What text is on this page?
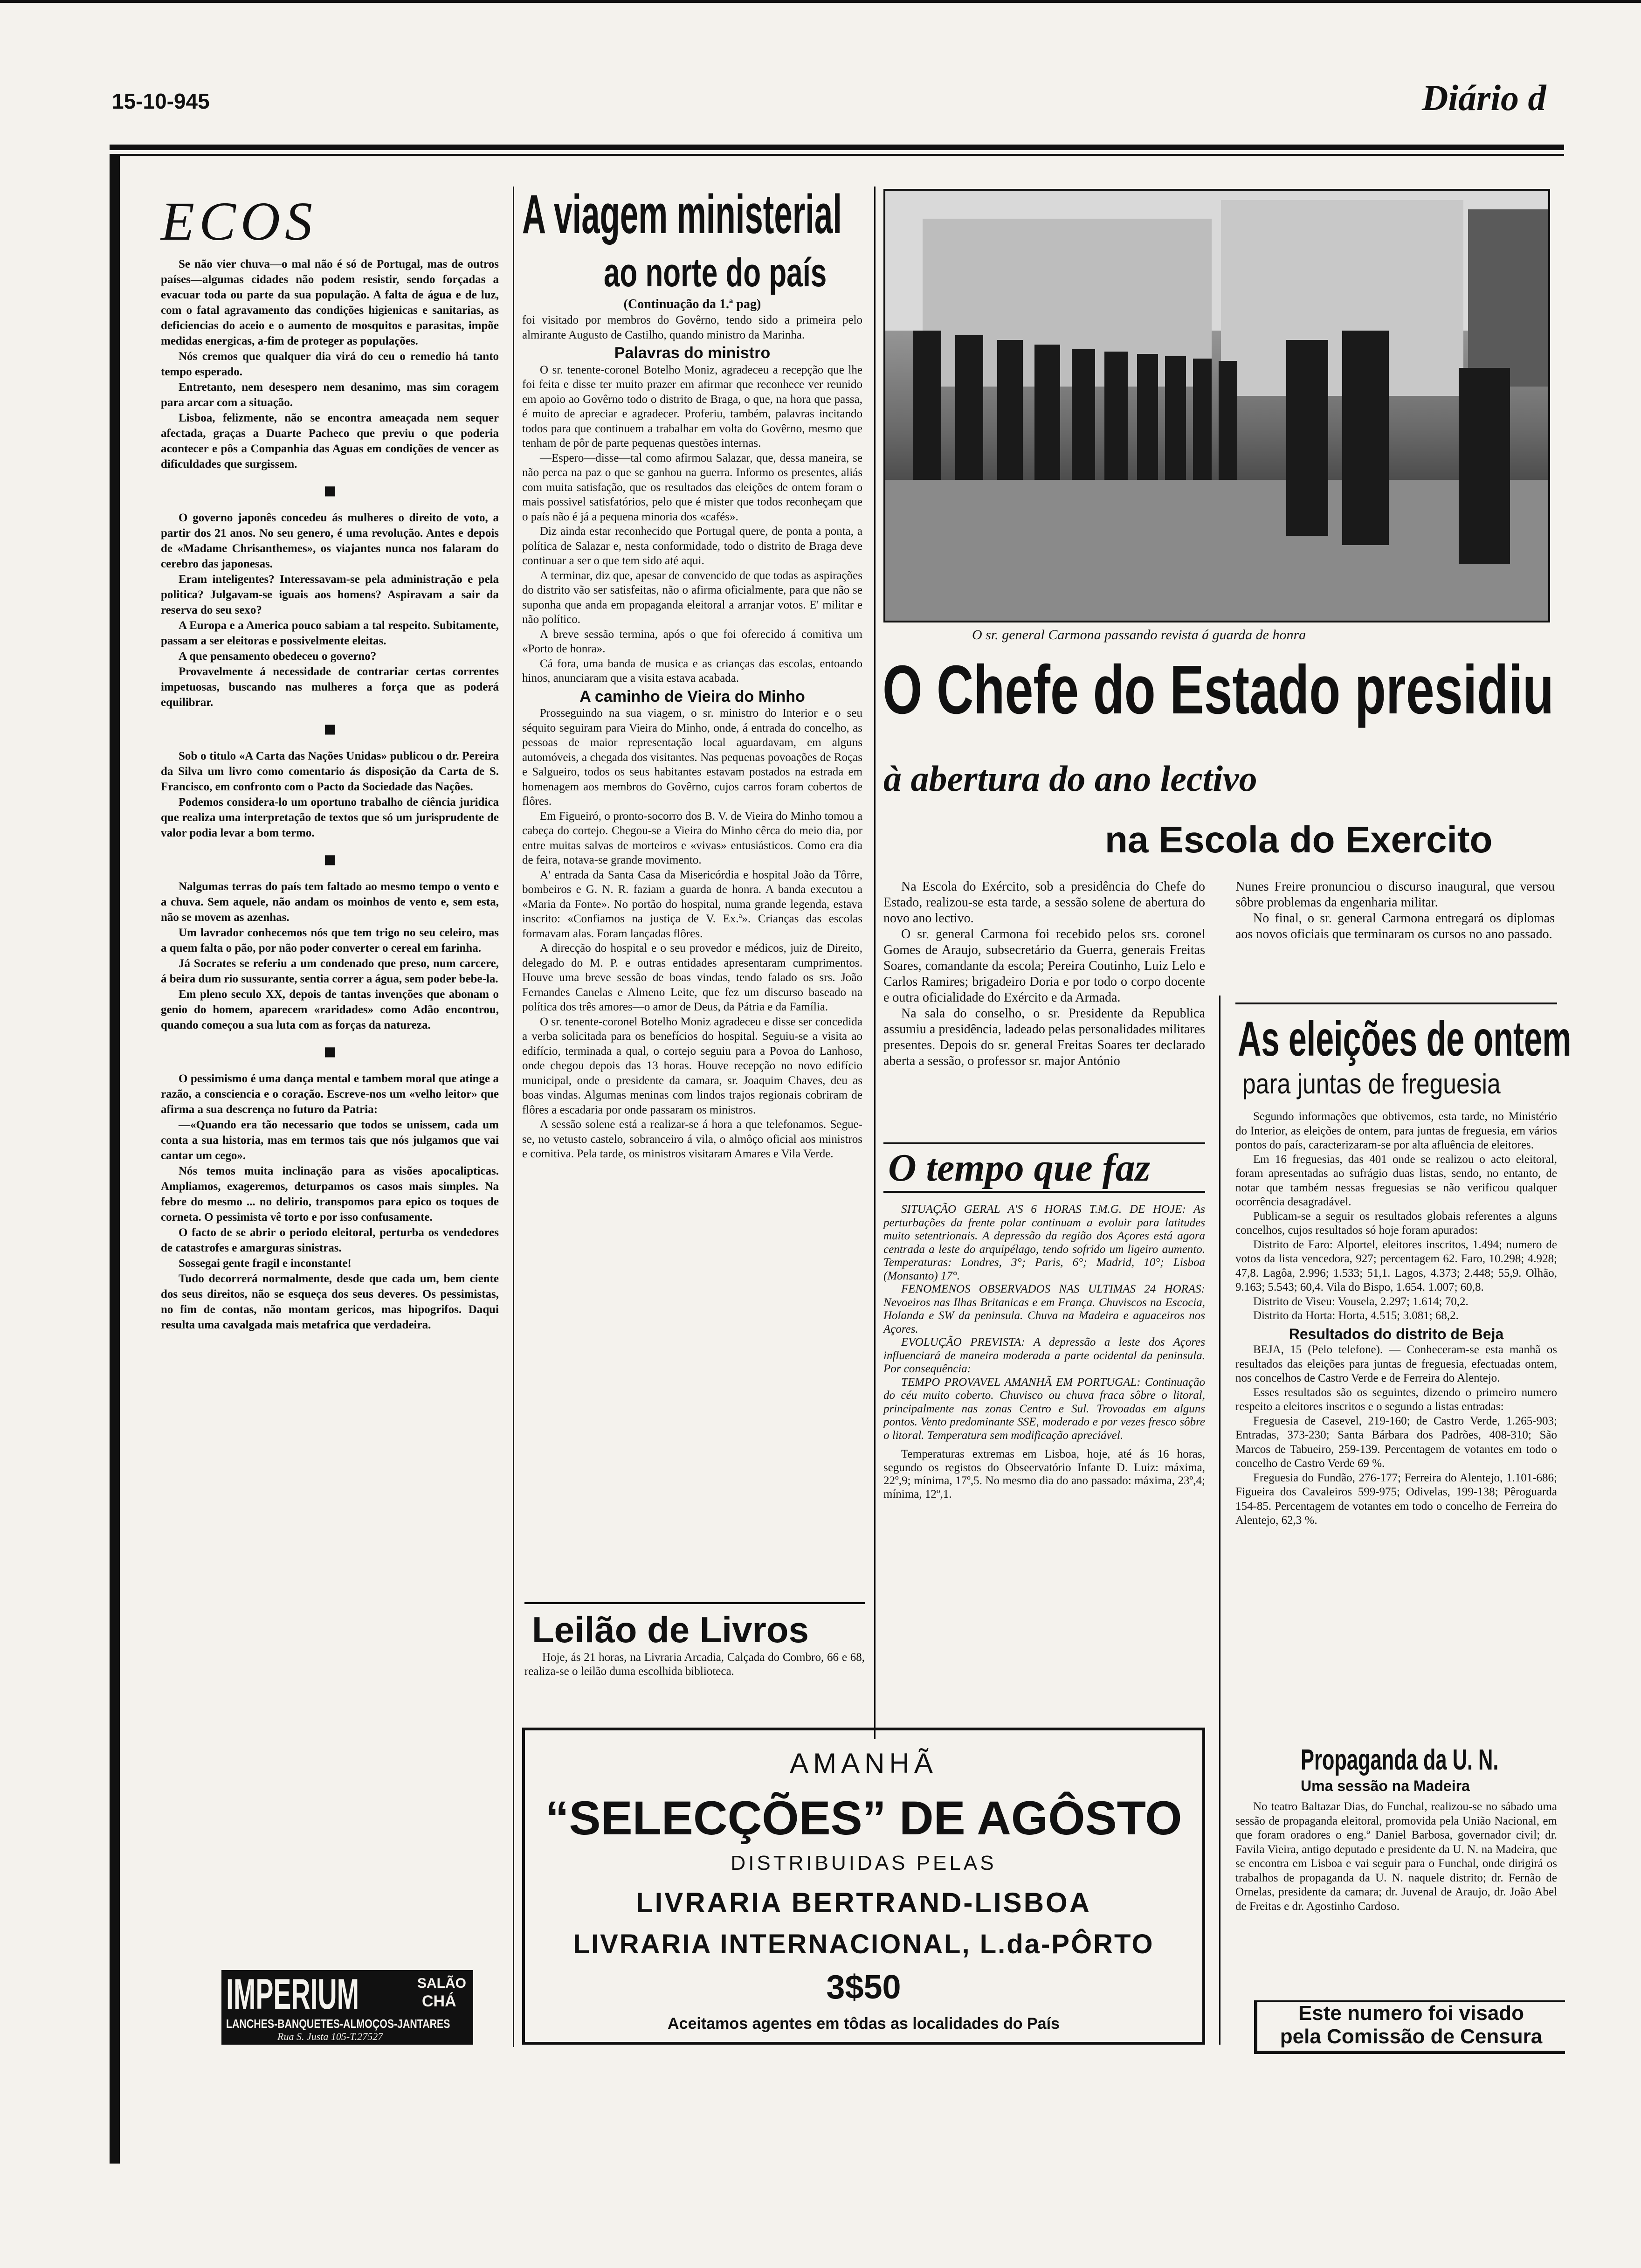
15-10-945	Diário d
ECOS

Se não vier chuva—o mal não é só de Portugal, mas de outros países—algumas cidades não podem resistir, sendo forçadas a evacuar toda ou parte da sua população. A falta de água e de luz, com o fatal agravamento das condições higienicas e sanitarias, as deficiencias do aceio e o aumento de mosquitos e parasitas, impõe medidas energicas, a-fim de proteger as populações.

Nós cremos que qualquer dia virá do ceu o remedio há tanto tempo esperado.

Entretanto, nem desespero nem desanimo, mas sim coragem para arcar com a situação.

Lisboa, felizmente, não se encontra ameaçada nem sequer afectada, graças a Duarte Pacheco que previu o que poderia acontecer e pôs a Companhia das Aguas em condições de vencer as dificuldades que surgissem.

■

O governo japonês concedeu ás mulheres o direito de voto, a partir dos 21 anos. No seu genero, é uma revolução. Antes e depois de «Madame Chrisanthemes», os viajantes nunca nos falaram do cerebro das japonesas.

Eram inteligentes? Interessavam-se pela administração e pela politica? Julgavam-se iguais aos homens? Aspiravam a sair da reserva do seu sexo?

A Europa e a America pouco sabiam a tal respeito. Subitamente, passam a ser eleitoras e possivelmente eleitas.

A que pensamento obedeceu o governo?

Provavelmente á necessidade de contrariar certas correntes impetuosas, buscando nas mulheres a força que as poderá equilibrar.

■

Sob o titulo «A Carta das Nações Unidas» publicou o dr. Pereira da Silva um livro como comentario ás disposição da Carta de S. Francisco, em confronto com o Pacto da Sociedade das Nações.

Podemos considera-lo um oportuno trabalho de ciência juridica que realiza uma interpretação de textos que só um jurisprudente de valor podia levar a bom termo.

■

Nalgumas terras do país tem faltado ao mesmo tempo o vento e a chuva. Sem aquele, não andam os moinhos de vento e, sem esta, não se movem as azenhas.

Um lavrador conhecemos nós que tem trigo no seu celeiro, mas a quem falta o pão, por não poder converter o cereal em farinha.

Já Socrates se referiu a um condenado que preso, num carcere, á beira dum rio sussurante, sentia correr a água, sem poder bebe-la.

Em pleno seculo XX, depois de tantas invenções que abonam o genio do homem, aparecem «raridades» como Adão encontrou, quando começou a sua luta com as forças da natureza.

■

O pessimismo é uma dança mental e tambem moral que atinge a razão, a consciencia e o coração. Escreve-nos um «velho leitor» que afirma a sua descrença no futuro da Patria:

—«Quando era tão necessario que todos se unissem, cada um conta a sua historia, mas em termos tais que nós julgamos que vai cantar um cego».

Nós temos muita inclinação para as visões apocalipticas. Ampliamos, exageremos, deturpamos os casos mais simples. Na febre do mesmo ... no delirio, transpomos para epico os toques de corneta. O pessimista vê torto e por isso confusamente.

O facto de se abrir o periodo eleitoral, perturba os vendedores de catastrofes e amarguras sinistras.

Sossegai gente fragil e inconstante!

Tudo decorrerá normalmente, desde que cada um, bem ciente dos seus direitos, não se esqueça dos seus deveres. Os pessimistas, no fim de contas, não montam gericos, mas hipogrifos. Daqui resulta uma cavalgada mais metafrica que verdadeira.

IMPERIUM	SALÃO
CHÁ
LANCHES-BANQUETES-ALMOÇOS-JANTARES
Rua S. Justa 105-T.27527
A viagem ministerial
ao norte do país
(Continuação da 1.ª pag)

foi visitado por membros do Govêrno, tendo sido a primeira pelo almirante Augusto de Castilho, quando ministro da Marinha.

Palavras do ministro

O sr. tenente-coronel Botelho Moniz, agradeceu a recepção que lhe foi feita e disse ter muito prazer em afirmar que reconhece ver reunido em apoio ao Govêrno todo o distrito de Braga, o que, na hora que passa, é muito de apreciar e agradecer. Proferiu, também, palavras incitando todos para que continuem a trabalhar em volta do Govêrno, mesmo que tenham de pôr de parte pequenas questões internas.

—Espero—disse—tal como afirmou Salazar, que, dessa maneira, se não perca na paz o que se ganhou na guerra. Informo os presentes, aliás com muita satisfação, que os resultados das eleições de ontem foram o mais possivel satisfatórios, pelo que é mister que todos reconheçam que o país não é já a pequena minoria dos «cafés».

Diz ainda estar reconhecido que Portugal quere, de ponta a ponta, a política de Salazar e, nesta conformidade, todo o distrito de Braga deve continuar a ser o que tem sido até aqui.

A terminar, diz que, apesar de convencido de que todas as aspirações do distrito vão ser satisfeitas, não o afirma oficialmente, para que não se suponha que anda em propaganda eleitoral a arranjar votos. E' militar e não político.

A breve sessão termina, após o que foi oferecido á comitiva um «Porto de honra».

Cá fora, uma banda de musica e as crianças das escolas, entoando hinos, anunciaram que a visita estava acabada.

A caminho de Vieira do Minho

Prosseguindo na sua viagem, o sr. ministro do Interior e o seu séquito seguiram para Vieira do Minho, onde, á entrada do concelho, as pessoas de maior representação local aguardavam, em alguns automóveis, a chegada dos visitantes. Nas pequenas povoações de Roças e Salgueiro, todos os seus habitantes estavam postados na estrada em homenagem aos membros do Govêrno, cujos carros foram cobertos de flôres.

Em Figueiró, o pronto-socorro dos B. V. de Vieira do Minho tomou a cabeça do cortejo. Chegou-se a Vieira do Minho cêrca do meio dia, por entre muitas salvas de morteiros e «vivas» entusiásticos. Como era dia de feira, notava-se grande movimento.

A' entrada da Santa Casa da Misericórdia e hospital João da Tôrre, bombeiros e G. N. R. faziam a guarda de honra. A banda executou a «Maria da Fonte». No portão do hospital, numa grande legenda, estava inscrito: «Confiamos na justiça de V. Ex.ª». Crianças das escolas formavam alas. Foram lançadas flôres.

A direcção do hospital e o seu provedor e médicos, juiz de Direito, delegado do M. P. e outras entidades apresentaram cumprimentos. Houve uma breve sessão de boas vindas, tendo falado os srs. João Fernandes Canelas e Almeno Leite, que fez um discurso baseado na política dos três amores—o amor de Deus, da Pátria e da Família.

O sr. tenente-coronel Botelho Moniz agradeceu e disse ser concedida a verba solicitada para os benefícios do hospital. Seguiu-se a visita ao edifício, terminada a qual, o cortejo seguiu para a Povoa do Lanhoso, onde chegou depois das 13 horas. Houve recepção no novo edifício municipal, onde o presidente da camara, sr. Joaquim Chaves, deu as boas vindas. Algumas meninas com lindos trajos regionais cobriram de flôres a escadaria por onde passaram os ministros.

A sessão solene está a realizar-se á hora a que telefonamos. Segue-se, no vetusto castelo, sobranceiro á vila, o almôço oficial aos ministros e comitiva. Pela tarde, os ministros visitaram Amares e Vila Verde.

Leilão de Livros
Hoje, ás 21 horas, na Livraria Arcadia, Calçada do Combro, 66 e 68, realiza-se o leilão duma escolhida biblioteca.
O sr. general Carmona passando revista á guarda de honra
O Chefe do Estado presidiu
à abertura do ano lectivo
na Escola do Exercito

Na Escola do Exército, sob a presidência do Chefe do Estado, realizou-se esta tarde, a sessão solene de abertura do novo ano lectivo.

O sr. general Carmona foi recebido pelos srs. coronel Gomes de Araujo, subsecretário da Guerra, generais Freitas Soares, comandante da escola; Pereira Coutinho, Luiz Lelo e Carlos Ramires; brigadeiro Doria e por todo o corpo docente e outra oficialidade do Exército e da Armada.

Na sala do conselho, o sr. Presidente da Republica assumiu a presidência, ladeado pelas personalidades militares presentes. Depois do sr. general Freitas Soares ter declarado aberta a sessão, o professor sr. major António

Nunes Freire pronunciou o discurso inaugural, que versou sôbre problemas da engenharia militar.

No final, o sr. general Carmona entregará os diplomas aos novos oficiais que terminaram os cursos no ano passado.

O tempo que faz

SITUAÇÃO GERAL A'S 6 HORAS T.M.G. DE HOJE: As perturbações da frente polar continuam a evoluir para latitudes muito setentrionais. A depressão da região dos Açores está agora centrada a leste do arquipélago, tendo sofrido um ligeiro aumento. Temperaturas: Londres, 3°; Paris, 6°; Madrid, 10°; Lisboa (Monsanto) 17°.

FENOMENOS OBSERVADOS NAS ULTIMAS 24 HORAS: Nevoeiros nas Ilhas Britanicas e em França. Chuviscos na Escocia, Holanda e SW da peninsula. Chuva na Madeira e aguaceiros nos Açores.

EVOLUÇÃO PREVISTA: A depressão a leste dos Açores influenciará de maneira moderada a parte ocidental da peninsula. Por consequência:

TEMPO PROVAVEL AMANHÃ EM PORTUGAL: Continuação do céu muito coberto. Chuvisco ou chuva fraca sôbre o litoral, principalmente nas zonas Centro e Sul. Trovoadas em alguns pontos. Vento predominante SSE, moderado e por vezes fresco sôbre o litoral. Temperatura sem modificação apreciável.

Temperaturas extremas em Lisboa, hoje, até ás 16 horas, segundo os registos do Obseervatório Infante D. Luiz: máxima, 22º,9; mínima, 17º,5. No mesmo dia do ano passado: máxima, 23º,4; mínima, 12º,1.

As eleições de ontem
para juntas de freguesia

Segundo informações que obtivemos, esta tarde, no Ministério do Interior, as eleições de ontem, para juntas de freguesia, em vários pontos do país, caracterizaram-se por alta afluência de eleitores.

Em 16 freguesias, das 401 onde se realizou o acto eleitoral, foram apresentadas ao sufrágio duas listas, sendo, no entanto, de notar que também nessas freguesias se não verificou qualquer ocorrência desagradável.

Publicam-se a seguir os resultados globais referentes a alguns concelhos, cujos resultados só hoje foram apurados:

Distrito de Faro: Alportel, eleitores inscritos, 1.494; numero de votos da lista vencedora, 927; percentagem 62. Faro, 10.298; 4.928; 47,8. Lagôa, 2.996; 1.533; 51,1. Lagos, 4.373; 2.448; 55,9. Olhão, 9.163; 5.543; 60,4. Vila do Bispo, 1.654. 1.007; 60,8.

Distrito de Viseu: Vousela, 2.297; 1.614; 70,2.

Distrito da Horta: Horta, 4.515; 3.081; 68,2.

Resultados do distrito de Beja

BEJA, 15 (Pelo telefone). — Conheceram-se esta manhã os resultados das eleições para juntas de freguesia, efectuadas ontem, nos concelhos de Castro Verde e de Ferreira do Alentejo.

Esses resultados são os seguintes, dizendo o primeiro numero respeito a eleitores inscritos e o segundo a listas entradas:

Freguesia de Casevel, 219-160; de Castro Verde, 1.265-903; Entradas, 373-230; Santa Bárbara dos Padrões, 408-310; São Marcos de Tabueiro, 259-139. Percentagem de votantes em todo o concelho de Castro Verde 69 %.

Freguesia do Fundão, 276-177; Ferreira do Alentejo, 1.101-686; Figueira dos Cavaleiros 599-975; Odivelas, 199-138; Pêroguarda 154-85. Percentagem de votantes em todo o concelho de Ferreira do Alentejo, 62,3 %.

Propaganda da U. N.
Uma sessão na Madeira

No teatro Baltazar Dias, do Funchal, realizou-se no sábado uma sessão de propaganda eleitoral, promovida pela União Nacional, em que foram oradores o eng.º Daniel Barbosa, governador civil; dr. Favila Vieira, antigo deputado e presidente da U. N. na Madeira, que se encontra em Lisboa e vai seguir para o Funchal, onde dirigirá os trabalhos de propaganda da U. N. naquele distrito; dr. Fernão de Ornelas, presidente da camara; dr. Juvenal de Araujo, dr. João Abel de Freitas e dr. Agostinho Cardoso.

Este numero foi visado
pela Comissão de Censura
AMANHÃ
“SELECÇÕES” DE AGÔSTO
DISTRIBUIDAS PELAS
LIVRARIA BERTRAND-LISBOA
LIVRARIA INTERNACIONAL, L.da-PÔRTO
3$50
Aceitamos agentes em tôdas as localidades do País
